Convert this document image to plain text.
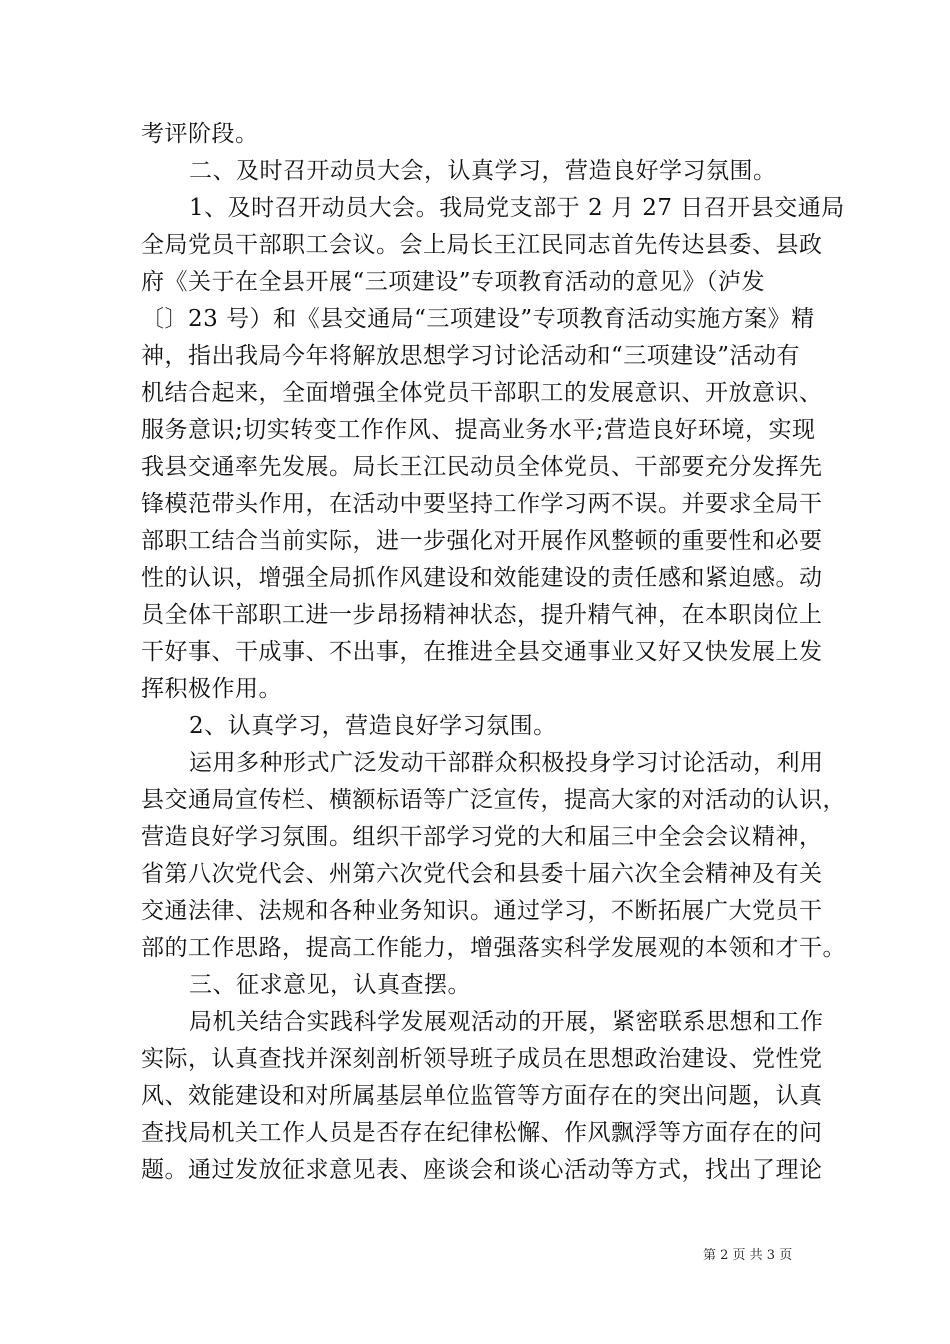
考评阶段。
二、及时召开动员大会，认真学习，营造良好学习氛围。
1、及时召开动员大会。我局党支部于 2 月 27 日召开县交通局
全局党员干部职工会议。会上局长王江民同志首先传达县委、县政
府《关于在全县开展“三项建设”专项教育活动的意见》（泸发
〔〕23 号）和《县交通局“三项建设”专项教育活动实施方案》精
神，指出我局今年将解放思想学习讨论活动和“三项建设”活动有
机结合起来，全面增强全体党员干部职工的发展意识、开放意识、
服务意识;切实转变工作作风、提高业务水平;营造良好环境，实现
我县交通率先发展。局长王江民动员全体党员、干部要充分发挥先
锋模范带头作用，在活动中要坚持工作学习两不误。并要求全局干
部职工结合当前实际，进一步强化对开展作风整顿的重要性和必要
性的认识，增强全局抓作风建设和效能建设的责任感和紧迫感。动
员全体干部职工进一步昂扬精神状态，提升精气神，在本职岗位上
干好事、干成事、不出事，在推进全县交通事业又好又快发展上发
挥积极作用。
2、认真学习，营造良好学习氛围。
运用多种形式广泛发动干部群众积极投身学习讨论活动，利用
县交通局宣传栏、横额标语等广泛宣传，提高大家的对活动的认识，
营造良好学习氛围。组织干部学习党的大和届三中全会会议精神，
省第八次党代会、州第六次党代会和县委十届六次全会精神及有关
交通法律、法规和各种业务知识。通过学习，不断拓展广大党员干
部的工作思路，提高工作能力，增强落实科学发展观的本领和才干。
三、征求意见，认真查摆。
局机关结合实践科学发展观活动的开展，紧密联系思想和工作
实际，认真查找并深刻剖析领导班子成员在思想政治建设、党性党
风、效能建设和对所属基层单位监管等方面存在的突出问题，认真
查找局机关工作人员是否存在纪律松懈、作风飘浮等方面存在的问
题。通过发放征求意见表、座谈会和谈心活动等方式，找出了理论
第 2 页 共 3 页
